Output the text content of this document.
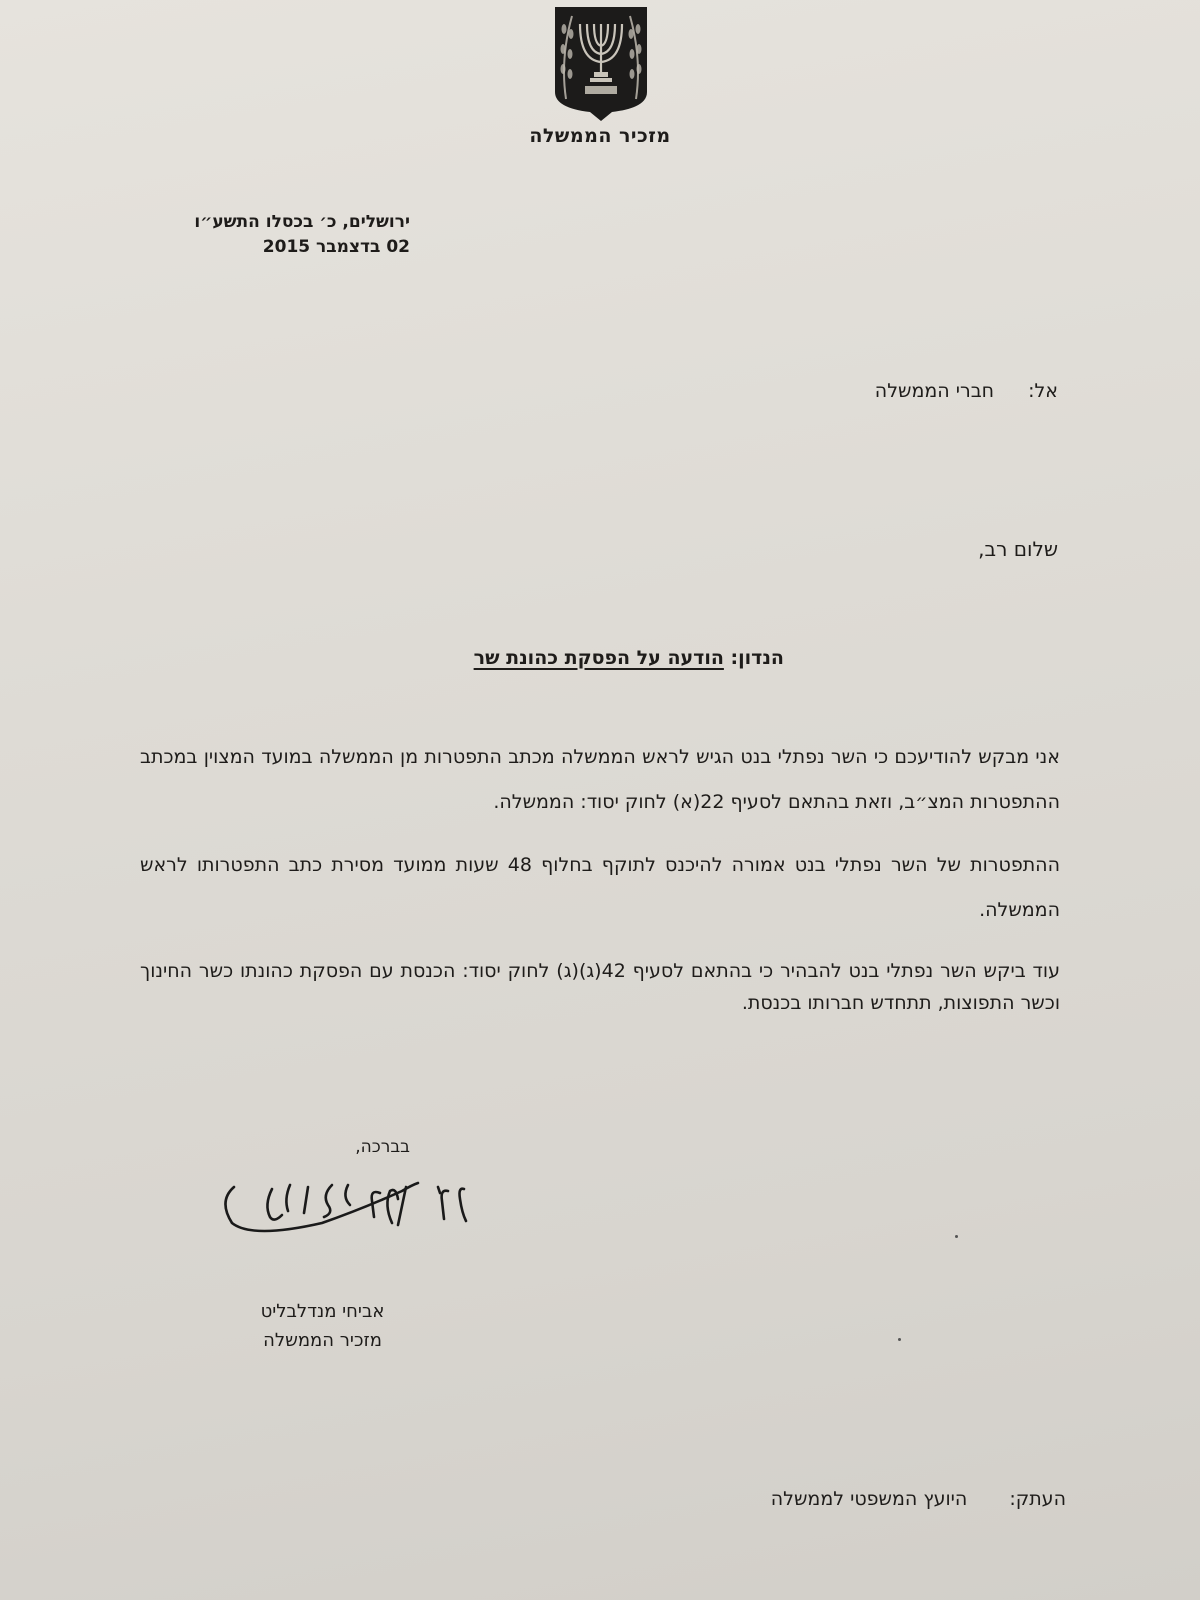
מזכיר הממשלה
ירושלים, כ׳ בכסלו התשע״ו
02 בדצמבר 2015
אל:
חברי הממשלה
שלום רב,
הנדון: הודעה על הפסקת כהונת שר
אני מבקש להודיעכם כי השר נפתלי בנט הגיש לראש הממשלה מכתב התפטרות מן הממשלה במועד המצוין במכתב ההתפטרות המצ״ב, וזאת בהתאם לסעיף 22(א) לחוק יסוד: הממשלה.
ההתפטרות של השר נפתלי בנט אמורה להיכנס לתוקף בחלוף 48 שעות ממועד מסירת כתב התפטרותו לראש הממשלה.
עוד ביקש השר נפתלי בנט להבהיר כי בהתאם לסעיף 42(ג)(ג) לחוק יסוד: הכנסת עם הפסקת כהונתו כשר החינוך וכשר התפוצות, תתחדש חברותו בכנסת.
בברכה,
אביחי מנדלבליט
מזכיר הממשלה
העתק:
היועץ המשפטי לממשלה
